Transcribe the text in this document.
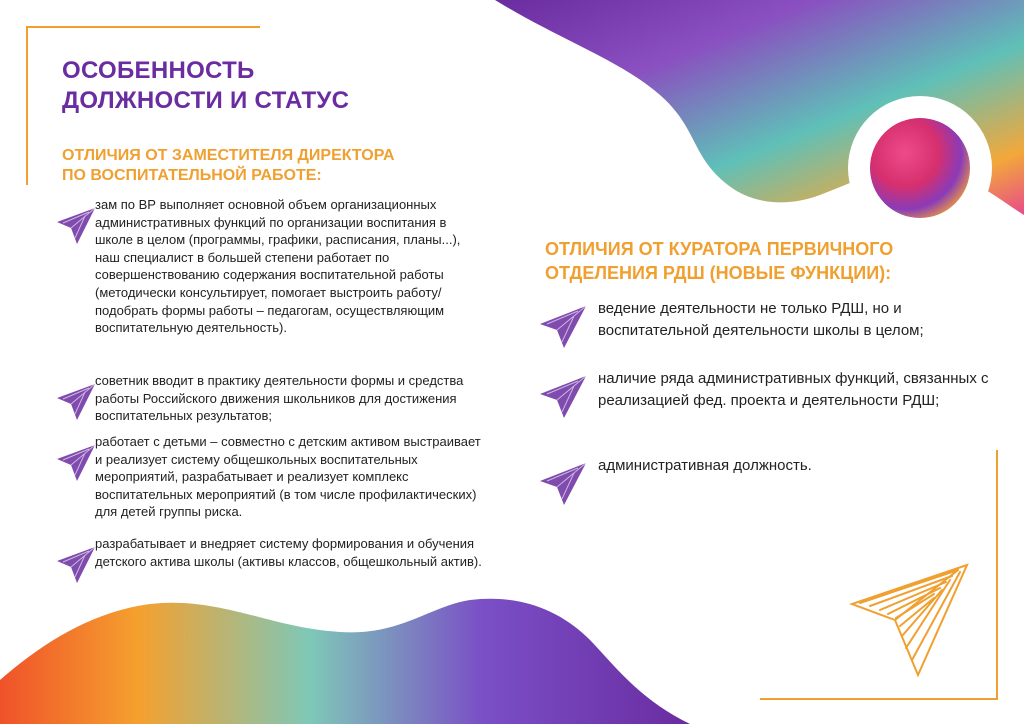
ОСОБЕННОСТЬ
ДОЛЖНОСТИ И СТАТУС
ОТЛИЧИЯ ОТ ЗАМЕСТИТЕЛЯ ДИРЕКТОРА
ПО ВОСПИТАТЕЛЬНОЙ РАБОТЕ:
ОТЛИЧИЯ ОТ КУРАТОРА ПЕРВИЧНОГО
ОТДЕЛЕНИЯ РДШ (НОВЫЕ ФУНКЦИИ):
зам по ВР выполняет основной объем организационных административных функций по организации воспитания в школе в целом (программы, графики, расписания, планы...), наш специалист в большей степени работает по совершенствованию содержания воспитательной работы (методически консультирует, помогает выстроить работу/ подобрать формы работы – педагогам, осуществляющим воспитательную деятельность).
советник вводит в практику деятельности формы и средства работы Российского движения школьников для достижения воспитательных результатов;
работает с детьми – совместно с детским активом выстраивает и реализует систему общешкольных воспитательных мероприятий, разрабатывает и реализует комплекс воспитательных мероприятий (в том числе профилактических) для детей группы риска.
разрабатывает и внедряет систему формирования и обучения детского актива школы (активы классов, общешкольный актив).
ведение деятельности не только РДШ, но и воспитательной деятельности школы в целом;
наличие ряда административных функций, связанных с реализацией фед. проекта и деятельности РДШ;
административная должность.
